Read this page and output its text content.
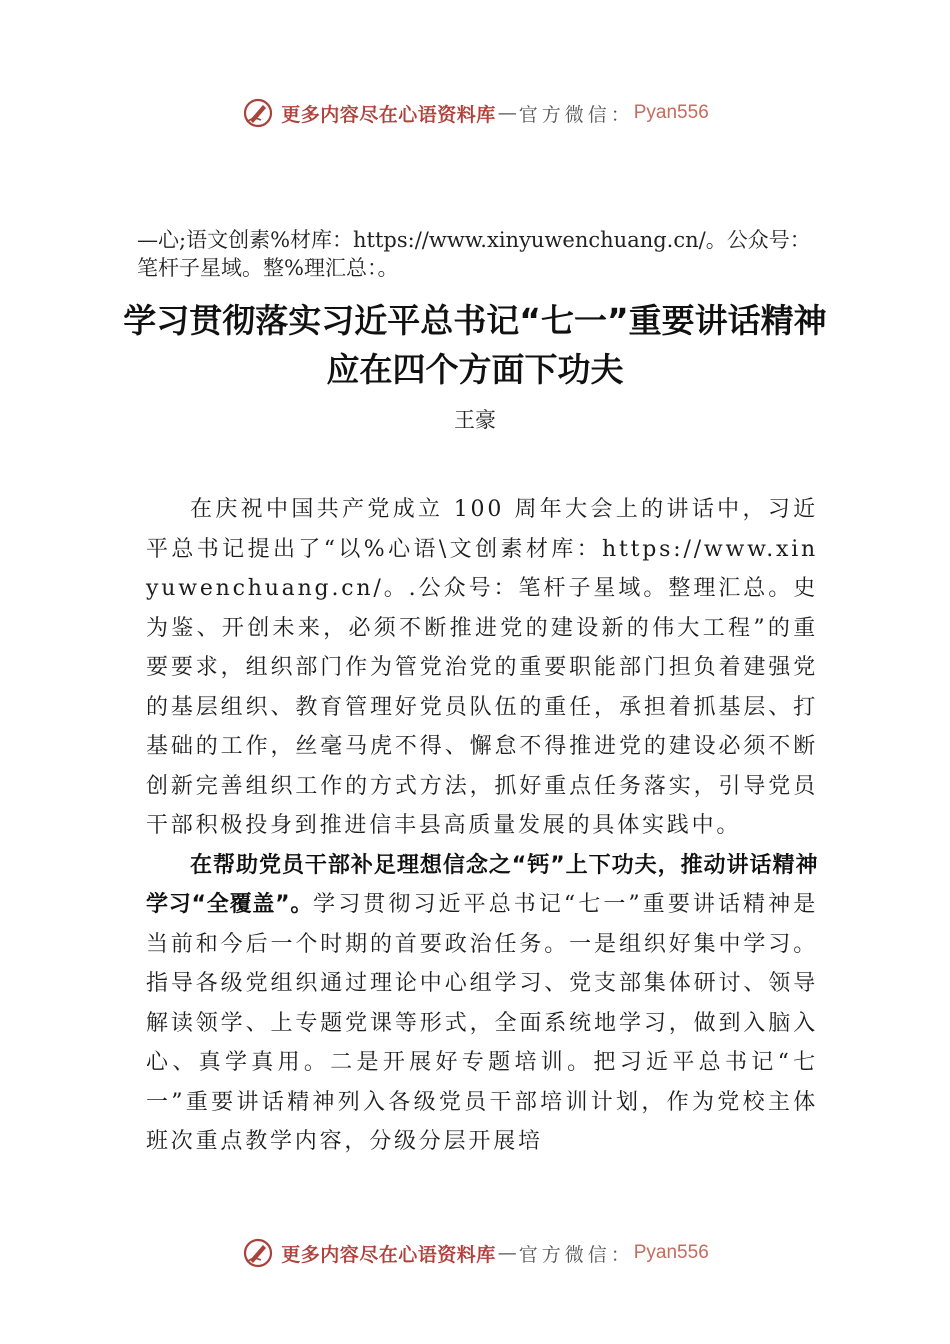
更多内容尽在心语资料库 — 官方微信： Pyan556
—心;语文创素%材库：https://www.xinyuwenchuang.cn/。公众号：笔杆子星域。整%理汇总：。
学习贯彻落实习近平总书记“七一”重要讲话精神应在四个方面下功夫
王豪

在庆祝中国共产党成立 100 周年大会上的讲话中，习近平总书记提出了“以%心语\文创素材库：https://www.xinyuwenchuang.cn/。.公众号：笔杆子星域。整理汇总。史为鉴、开创未来，必须不断推进党的建设新的伟大工程”的重要要求，组织部门作为管党治党的重要职能部门担负着建强党的基层组织、教育管理好党员队伍的重任，承担着抓基层、打基础的工作，丝毫马虎不得、懈怠不得推进党的建设必须不断创新完善组织工作的方式方法，抓好重点任务落实，引导党员干部积极投身到推进信丰县高质量发展的具体实践中。

在帮助党员干部补足理想信念之“钙”上下功夫，推动讲话精神学习“全覆盖”。学习贯彻习近平总书记“七一”重要讲话精神是当前和今后一个时期的首要政治任务。一是组织好集中学习。指导各级党组织通过理论中心组学习、党支部集体研讨、领导解读领学、上专题党课等形式，全面系统地学习，做到入脑入心、真学真用。二是开展好专题培训。把习近平总书记“七一”重要讲话精神列入各级党员干部培训计划，作为党校主体班次重点教学内容，分级分层开展培

更多内容尽在心语资料库 — 官方微信： Pyan556
